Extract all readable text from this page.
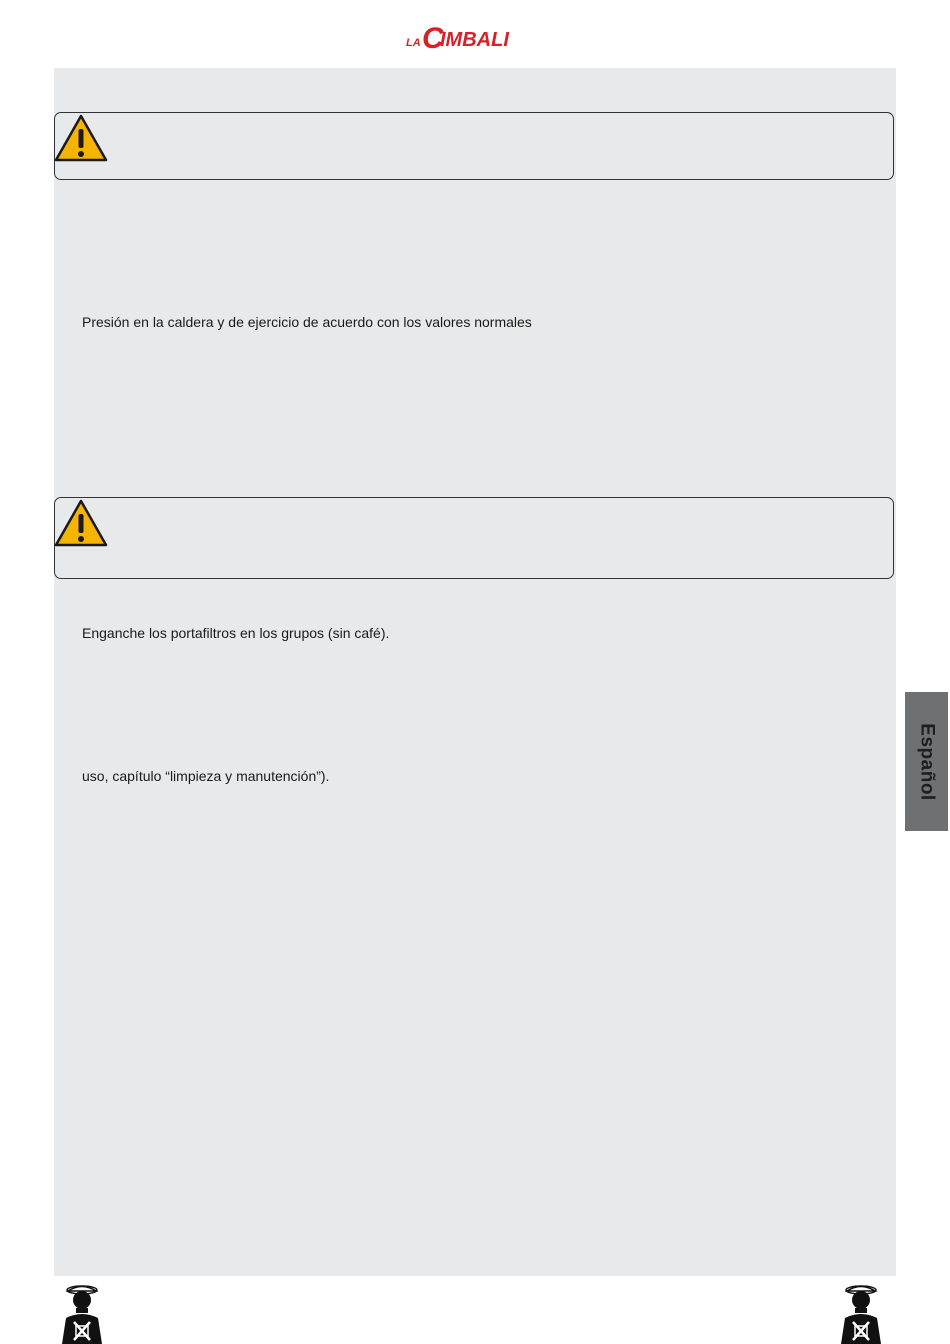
LA C
IMBALI
Presión en la caldera y de ejercicio de acuerdo con los valores normales
Enganche los portafiltros en los grupos (sin café).
uso, capítulo “limpieza y manutención”).	Español
